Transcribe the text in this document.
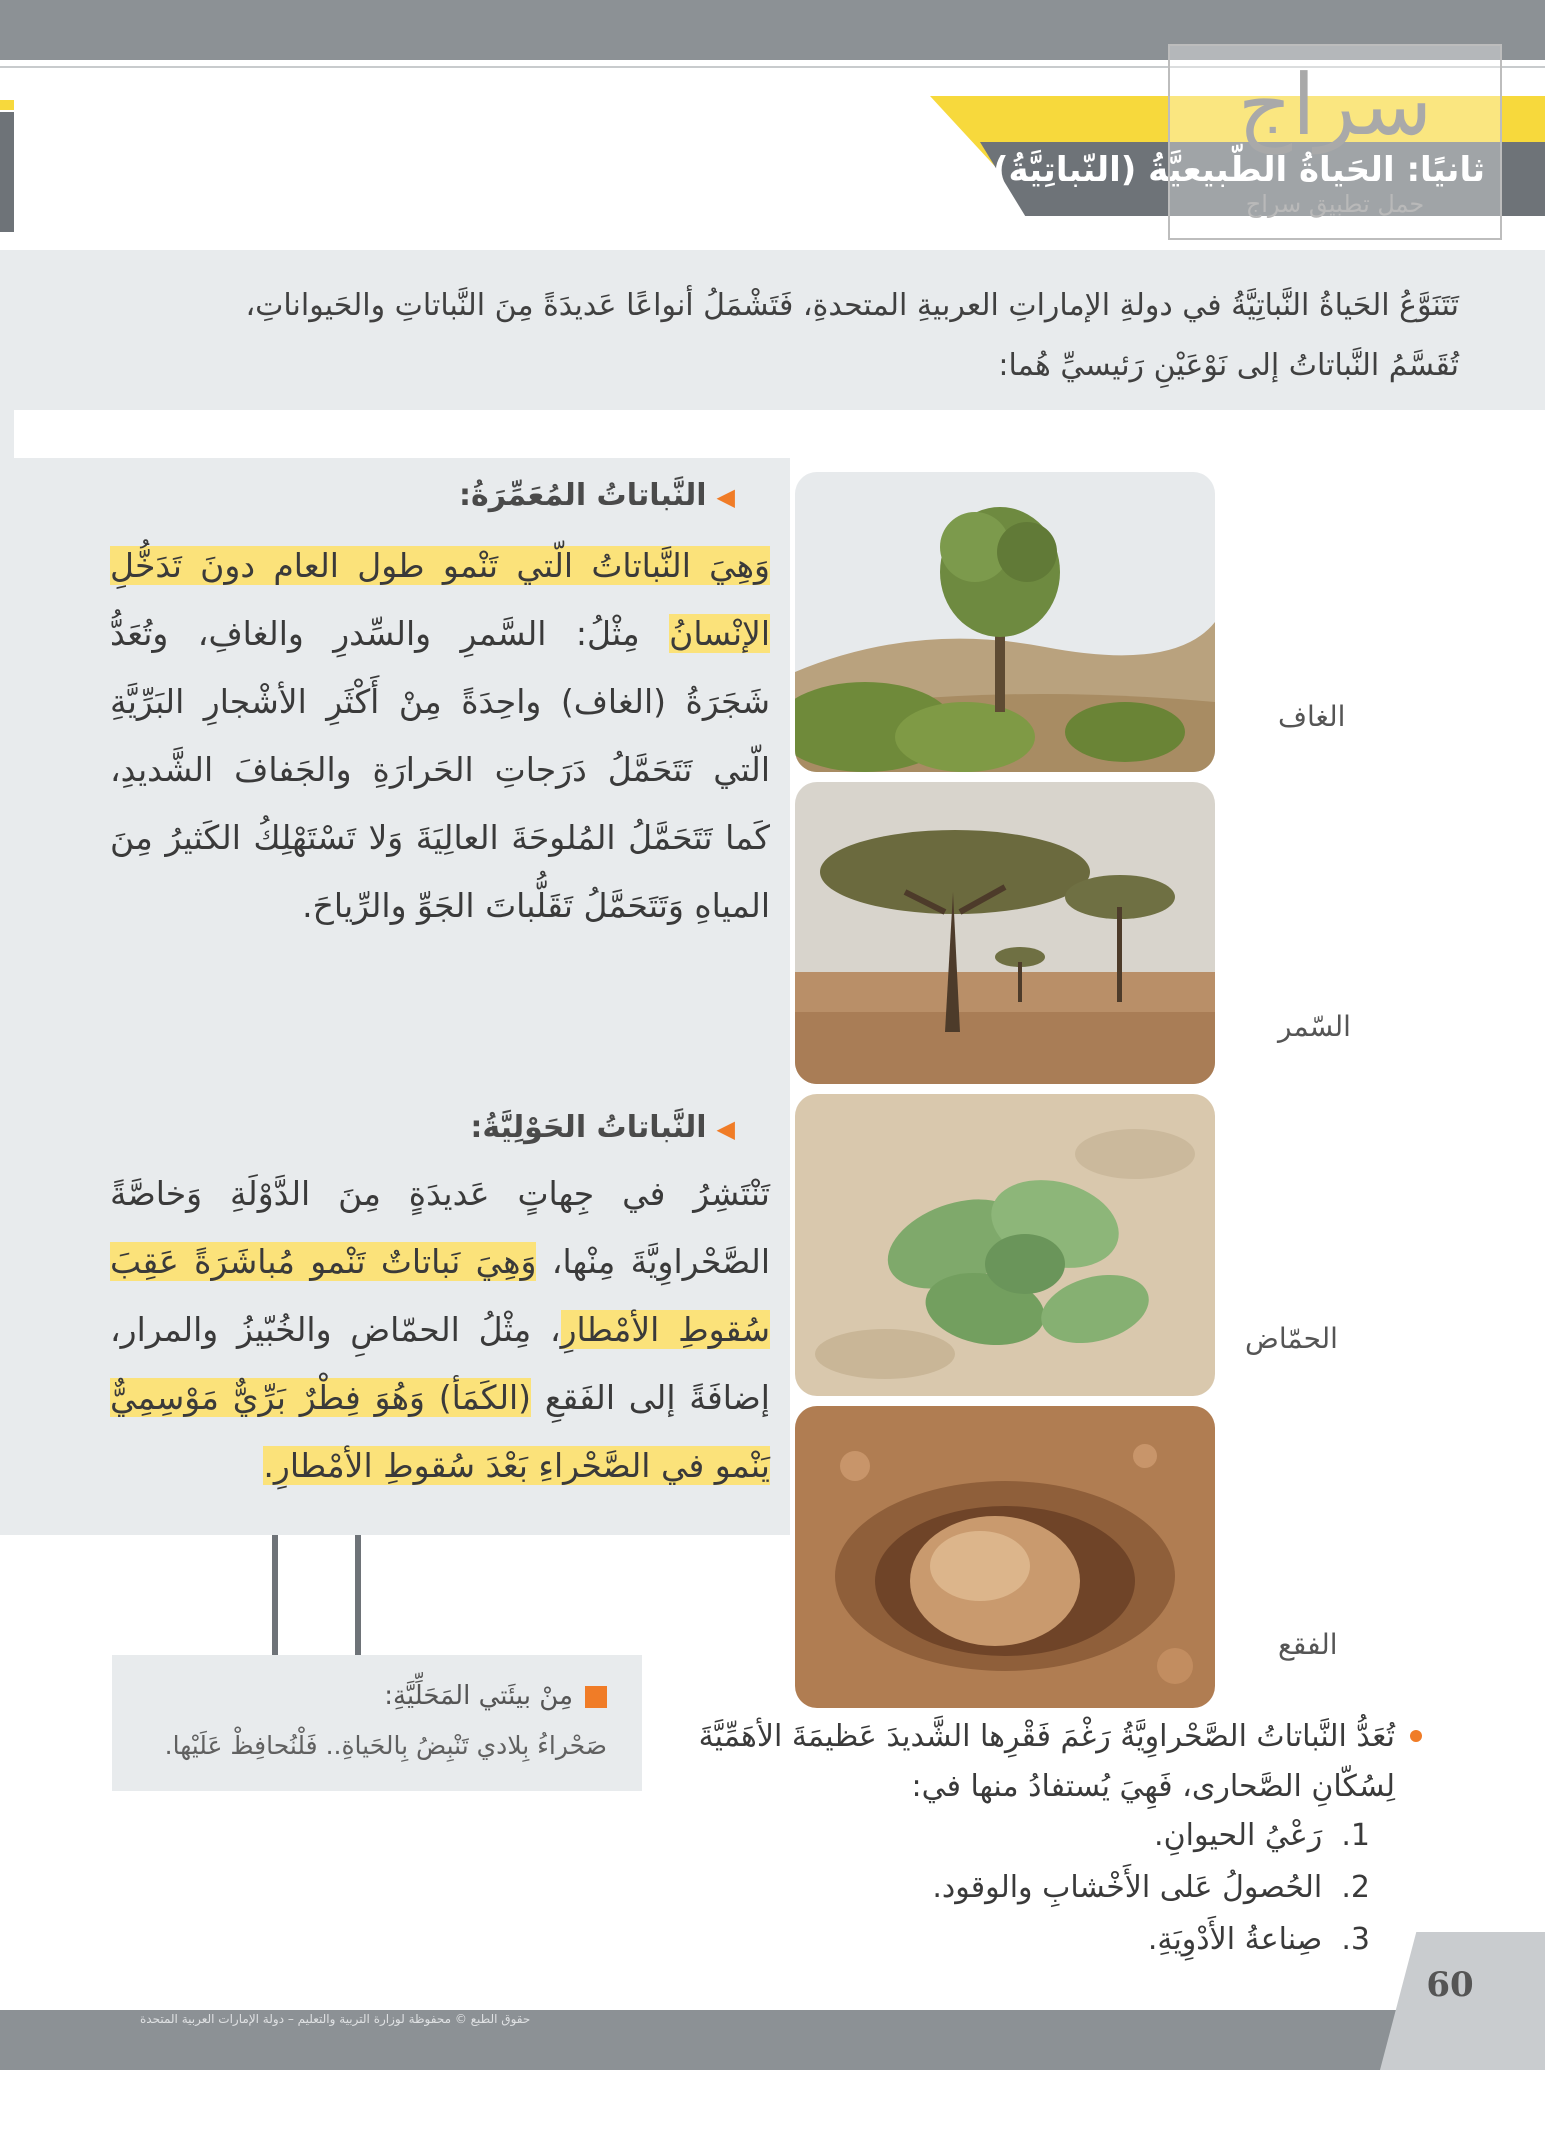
ثانيًا: الحَياةُ الطّبيعيَّةُ (النّباتِيَّةُ)
سراج
حمل تطبيق سراج
تَتَنَوَّعُ الحَياةُ النَّباتِيَّةُ في دولةِ الإماراتِ العربيةِ المتحدةِ، فَتَشْمَلُ أنواعًا عَديدَةً مِنَ النَّباتاتِ والحَيواناتِ،
تُقَسَّمُ النَّباتاتُ إلى نَوْعَيْنِ رَئيسيِّ هُما:
◀النَّباتاتُ المُعَمِّرَةُ:
وَهِيَ النَّباتاتُ الّتي تَنْمو طول العام دونَ تَدَخُّلِ الإنْسانُ مِثْلُ: السَّمرِ والسِّدرِ والغافِ، وتُعَدُّ شَجَرَةُ (الغاف) واحِدَةً مِنْ أَكْثَرِ الأشْجارِ البَرِّيَّةِ الّتي تَتَحَمَّلُ دَرَجاتِ الحَرارَةِ والجَفافَ الشَّديدِ، كَما تَتَحَمَّلُ المُلوحَةَ العالِيَةَ وَلا تَسْتَهْلِكُ الكَثيرُ مِنَ المياهِ وَتَتَحَمَّلُ تَقَلُّباتَ الجَوِّ والرِّياحَ.
◀النَّباتاتُ الحَوْلِيَّةُ:
تَنْتَشِرُ في جِهاتٍ عَديدَةٍ مِنَ الدَّوْلَةِ وَخاصَّةً الصَّحْراوِيَّةَ مِنْها، وَهِيَ نَباتاتٌ تَنْمو مُباشَرَةً عَقِبَ سُقوطِ الأمْطارِ، مِثْلُ الحمّاضِ والخُبّيزُ والمرار، إضافَةً إلى الفَقعِ (الكَمَأ) وَهُوَ فِطْرٌ بَرِّيٌّ مَوْسِمِيٌّ يَنْمو في الصَّحْراءِ بَعْدَ سُقوطِ الأمْطارِ.
الغاف
السّمر
الحمّاض
الفقع
مِنْ بيئَتي المَحَلِّيَّةِ:
صَحْراءُ بِلادي تَنْبِضُ بِالحَياةِ.. فَلْنُحافِظْ عَلَيْها.	تُعَدُّ النَّباتاتُ الصَّحْراوِيَّةُ رَغْمَ فَقْرِها الشَّديدَ عَظيمَةَ الأهَمِّيَّةَ لِسُكّانِ الصَّحارى، فَهِيَ يُستفادُ منها في:
1.  رَعْيُ الحيوانِ.
2.  الحُصولُ عَلى الأَخْشابِ والوقود.
3.  صِناعةُ الأَدْوِيَةِ.
حقوق الطبع © محفوظة لوزارة التربية والتعليم – دولة الإمارات العربية المتحدة
60
